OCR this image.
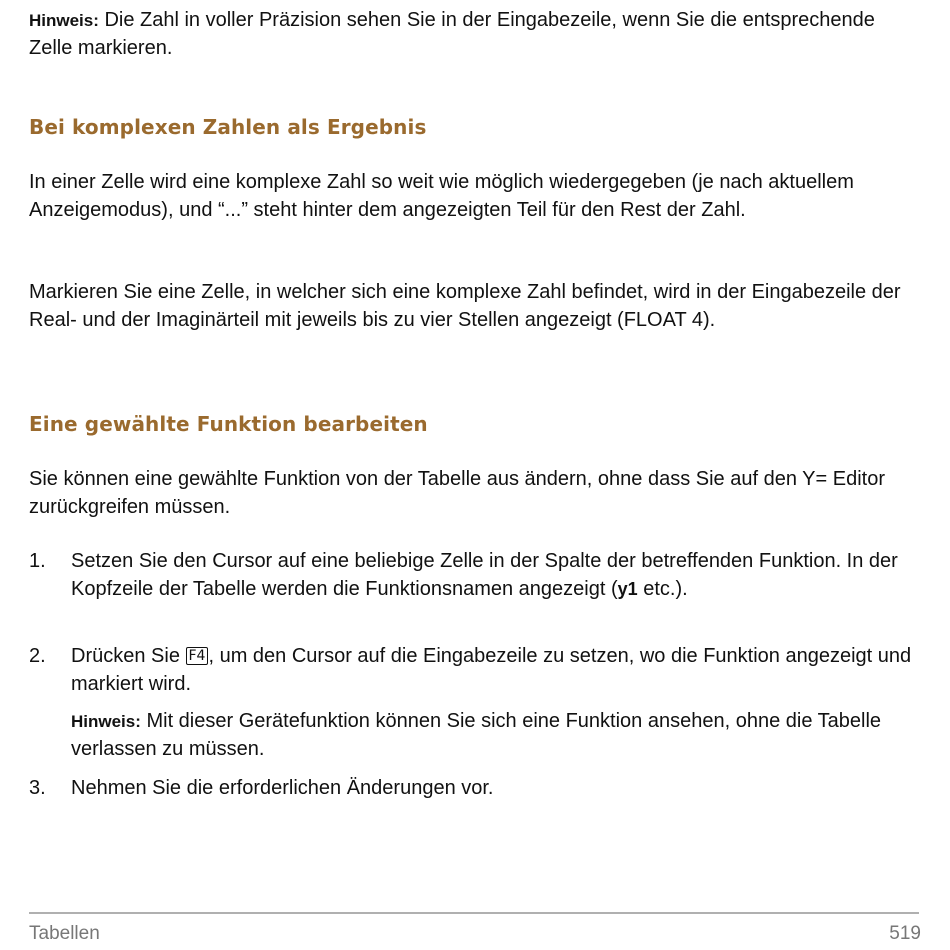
Hinweis: Die Zahl in voller Präzision sehen Sie in der Eingabezeile, wenn Sie die entsprechende Zelle markieren.

Bei komplexen Zahlen als Ergebnis

In einer Zelle wird eine komplexe Zahl so weit wie möglich wiedergegeben (je nach aktuellem Anzeigemodus), und “...” steht hinter dem angezeigten Teil für den Rest der Zahl.

Markieren Sie eine Zelle, in welcher sich eine komplexe Zahl befindet, wird in der Eingabezeile der Real- und der Imaginärteil mit jeweils bis zu vier Stellen angezeigt (FLOAT 4).

Eine gewählte Funktion bearbeiten

Sie können eine gewählte Funktion von der Tabelle aus ändern, ohne dass Sie auf den Y= Editor zurückgreifen müssen.

1.	Setzen Sie den Cursor auf eine beliebige Zelle in der Spalte der betreffenden Funktion. In der Kopfzeile der Tabelle werden die Funktionsnamen angezeigt (y1 etc.).
2.	Drücken Sie F4 , um den Cursor auf die Eingabezeile zu setzen, wo die Funktion angezeigt und markiert wird.
Hinweis: Mit dieser Gerätefunktion können Sie sich eine Funktion ansehen, ohne die Tabelle verlassen zu müssen.
3.	Nehmen Sie die erforderlichen Änderungen vor.
Tabellen	519
